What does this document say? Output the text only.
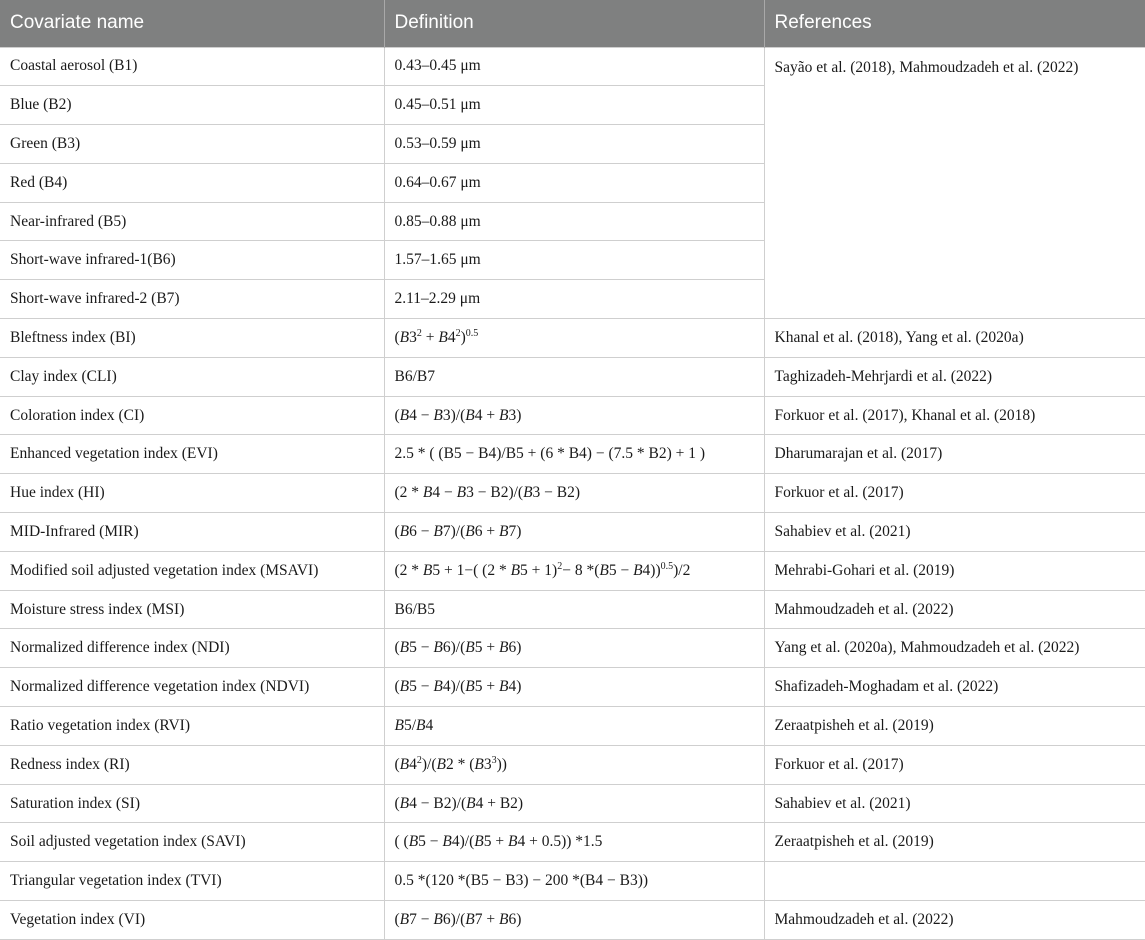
Covariate name	Definition	References
Coastal aerosol (B1)	0.43–0.45 μm	Sayão et al. (2018), Mahmoudzadeh et al. (2022)
Blue (B2)	0.45–0.51 μm	
Green (B3)	0.53–0.59 μm	
Red (B4)	0.64–0.67 μm	
Near-infrared (B5)	0.85–0.88 μm	
Short-wave infrared-1(B6)	1.57–1.65 μm	
Short-wave infrared-2 (B7)	2.11–2.29 μm	
Bleftness index (BI)	$(B3^2 + B4^2)^{0.5}$	Khanal et al. (2018), Yang et al. (2020a)
Clay index (CLI)	B6/B7	Taghizadeh-Mehrjardi et al. (2022)
Coloration index (CI)	(B4 − B3)/(B4 + B3)	Forkuor et al. (2017), Khanal et al. (2018)
Enhanced vegetation index (EVI)	2.5 * ( (B5 − B4)/B5 + (6 * B4) − (7.5 * B2) + 1 )	Dharumarajan et al. (2017)
Hue index (HI)	(2 * B4 − B3 − B2)/(B3 − B2)	Forkuor et al. (2017)
MID-Infrared (MIR)	(B6 − B7)/(B6 + B7)	Sahabiev et al. (2021)
Modified soil adjusted vegetation index (MSAVI)	(2 * B5 + 1−( $(2 * B5 + 1)^2- 8$ *(B5 − B4))$^{0.5}$)/2	Mehrabi-Gohari et al. (2019)
Moisture stress index (MSI)	B6/B5	Mahmoudzadeh et al. (2022)
Normalized difference index (NDI)	(B5 − B6)/(B5 + B6)	Yang et al. (2020a), Mahmoudzadeh et al. (2022)
Normalized difference vegetation index (NDVI)	(B5 − B4)/(B5 + B4)	Shafizadeh-Moghadam et al. (2022)
Ratio vegetation index (RVI)	B5/B4	Zeraatpisheh et al. (2019)
Redness index (RI)	$(B4^2)/(B2 * (B3^3))$	Forkuor et al. (2017)
Saturation index (SI)	(B4 − B2)/(B4 + B2)	Sahabiev et al. (2021)
Soil adjusted vegetation index (SAVI)	( (B5 − B4)/(B5 + B4 + 0.5)) *1.5	Zeraatpisheh et al. (2019)
Triangular vegetation index (TVI)	0.5 *(120 *(B5 − B3) − 200 *(B4 − B3))	
Vegetation index (VI)	(B7 − B6)/(B7 + B6)	Mahmoudzadeh et al. (2022)
